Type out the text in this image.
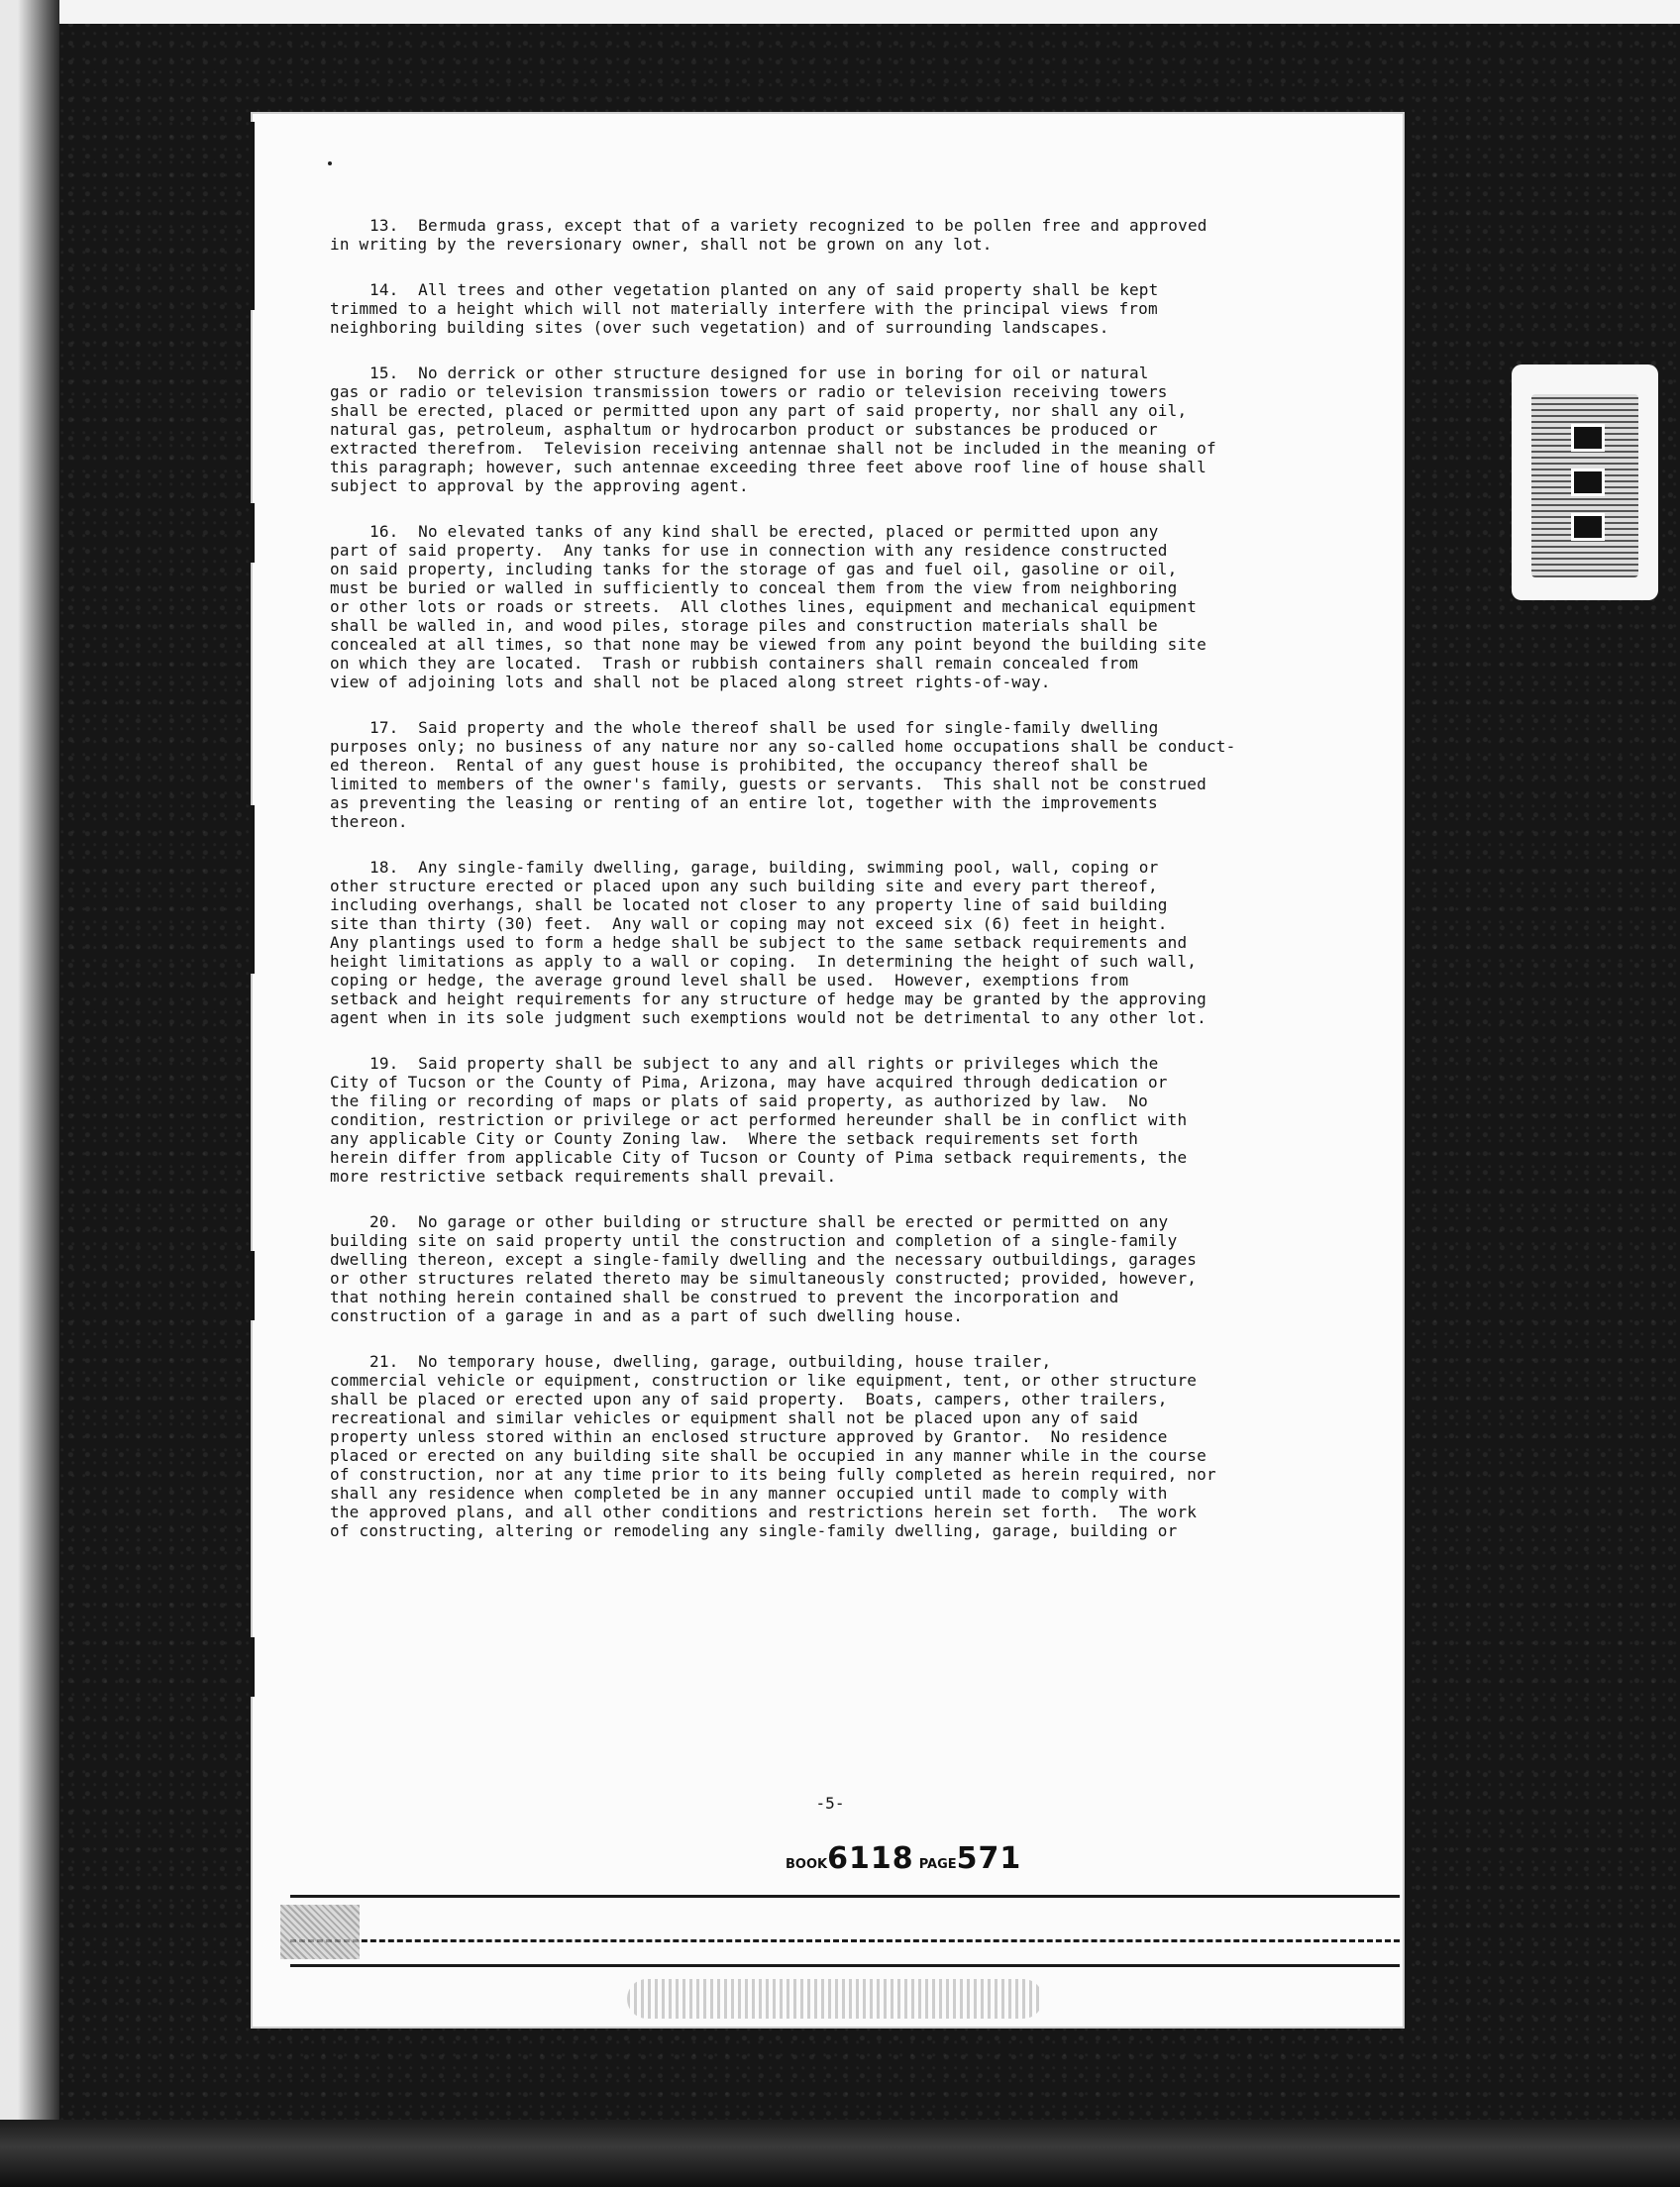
13. Bermuda grass, except that of a variety recognized to be pollen free and approved
in writing by the reversionary owner, shall not be grown on any lot.

14. All trees and other vegetation planted on any of said property shall be kept
trimmed to a height which will not materially interfere with the principal views from
neighboring building sites (over such vegetation) and of surrounding landscapes.

15. No derrick or other structure designed for use in boring for oil or natural
gas or radio or television transmission towers or radio or television receiving towers
shall be erected, placed or permitted upon any part of said property, nor shall any oil,
natural gas, petroleum, asphaltum or hydrocarbon product or substances be produced or
extracted therefrom.  Television receiving antennae shall not be included in the meaning of
this paragraph; however, such antennae exceeding three feet above roof line of house shall
subject to approval by the approving agent.

16. No elevated tanks of any kind shall be erected, placed or permitted upon any
part of said property.  Any tanks for use in connection with any residence constructed
on said property, including tanks for the storage of gas and fuel oil, gasoline or oil,
must be buried or walled in sufficiently to conceal them from the view from neighboring
or other lots or roads or streets.  All clothes lines, equipment and mechanical equipment
shall be walled in, and wood piles, storage piles and construction materials shall be
concealed at all times, so that none may be viewed from any point beyond the building site
on which they are located.  Trash or rubbish containers shall remain concealed from
view of adjoining lots and shall not be placed along street rights-of-way.

17. Said property and the whole thereof shall be used for single-family dwelling
purposes only; no business of any nature nor any so-called home occupations shall be conduct-
ed thereon.  Rental of any guest house is prohibited, the occupancy thereof shall be
limited to members of the owner's family, guests or servants.  This shall not be construed
as preventing the leasing or renting of an entire lot, together with the improvements
thereon.

18. Any single-family dwelling, garage, building, swimming pool, wall, coping or
other structure erected or placed upon any such building site and every part thereof,
including overhangs, shall be located not closer to any property line of said building
site than thirty (30) feet.  Any wall or coping may not exceed six (6) feet in height.
Any plantings used to form a hedge shall be subject to the same setback requirements and
height limitations as apply to a wall or coping.  In determining the height of such wall,
coping or hedge, the average ground level shall be used.  However, exemptions from
setback and height requirements for any structure of hedge may be granted by the approving
agent when in its sole judgment such exemptions would not be detrimental to any other lot.

19. Said property shall be subject to any and all rights or privileges which the
City of Tucson or the County of Pima, Arizona, may have acquired through dedication or
the filing or recording of maps or plats of said property, as authorized by law.  No
condition, restriction or privilege or act performed hereunder shall be in conflict with
any applicable City or County Zoning law.  Where the setback requirements set forth
herein differ from applicable City of Tucson or County of Pima setback requirements, the
more restrictive setback requirements shall prevail.

20. No garage or other building or structure shall be erected or permitted on any
building site on said property until the construction and completion of a single-family
dwelling thereon, except a single-family dwelling and the necessary outbuildings, garages
or other structures related thereto may be simultaneously constructed; provided, however,
that nothing herein contained shall be construed to prevent the incorporation and
construction of a garage in and as a part of such dwelling house.

21. No temporary house, dwelling, garage, outbuilding, house trailer,
commercial vehicle or equipment, construction or like equipment, tent, or other structure
shall be placed or erected upon any of said property.  Boats, campers, other trailers,
recreational and similar vehicles or equipment shall not be placed upon any of said
property unless stored within an enclosed structure approved by Grantor.  No residence
placed or erected on any building site shall be occupied in any manner while in the course
of construction, nor at any time prior to its being fully completed as herein required, nor
shall any residence when completed be in any manner occupied until made to comply with
the approved plans, and all other conditions and restrictions herein set forth.  The work
of constructing, altering or remodeling any single-family dwelling, garage, building or

-5-
BOOK6118 PAGE571
